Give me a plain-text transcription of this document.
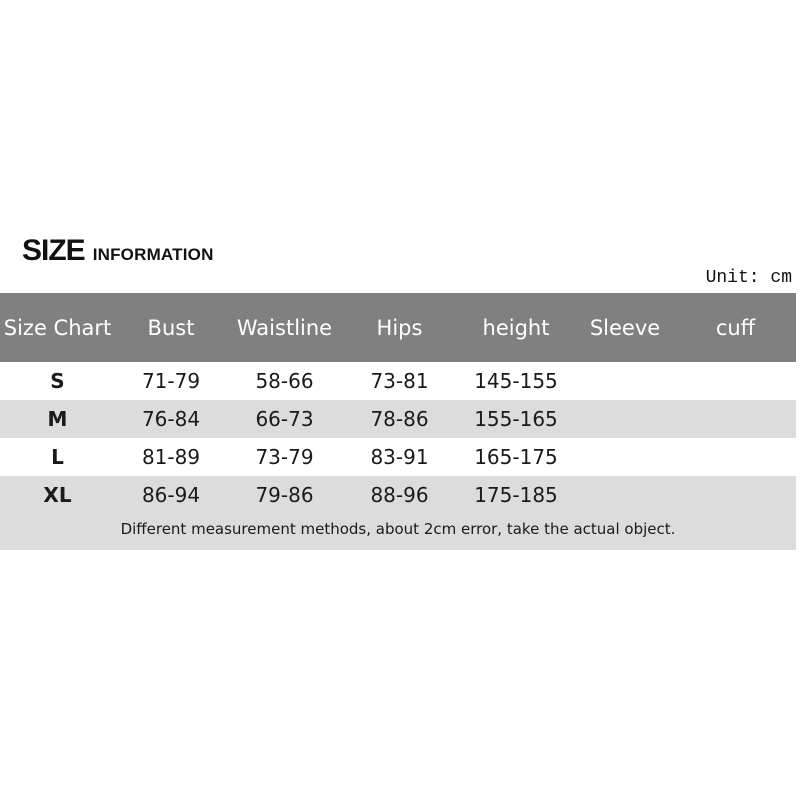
SIZE INFORMATION
Unit: cm
Size Chart	Bust	Waistline	Hips	height	Sleeve	cuff
S	71-79	58-66	73-81	145-155		
M	76-84	66-73	78-86	155-165		
L	81-89	73-79	83-91	165-175		
XL	86-94	79-86	88-96	175-185		
Different measurement methods, about 2cm error, take the actual object.						
